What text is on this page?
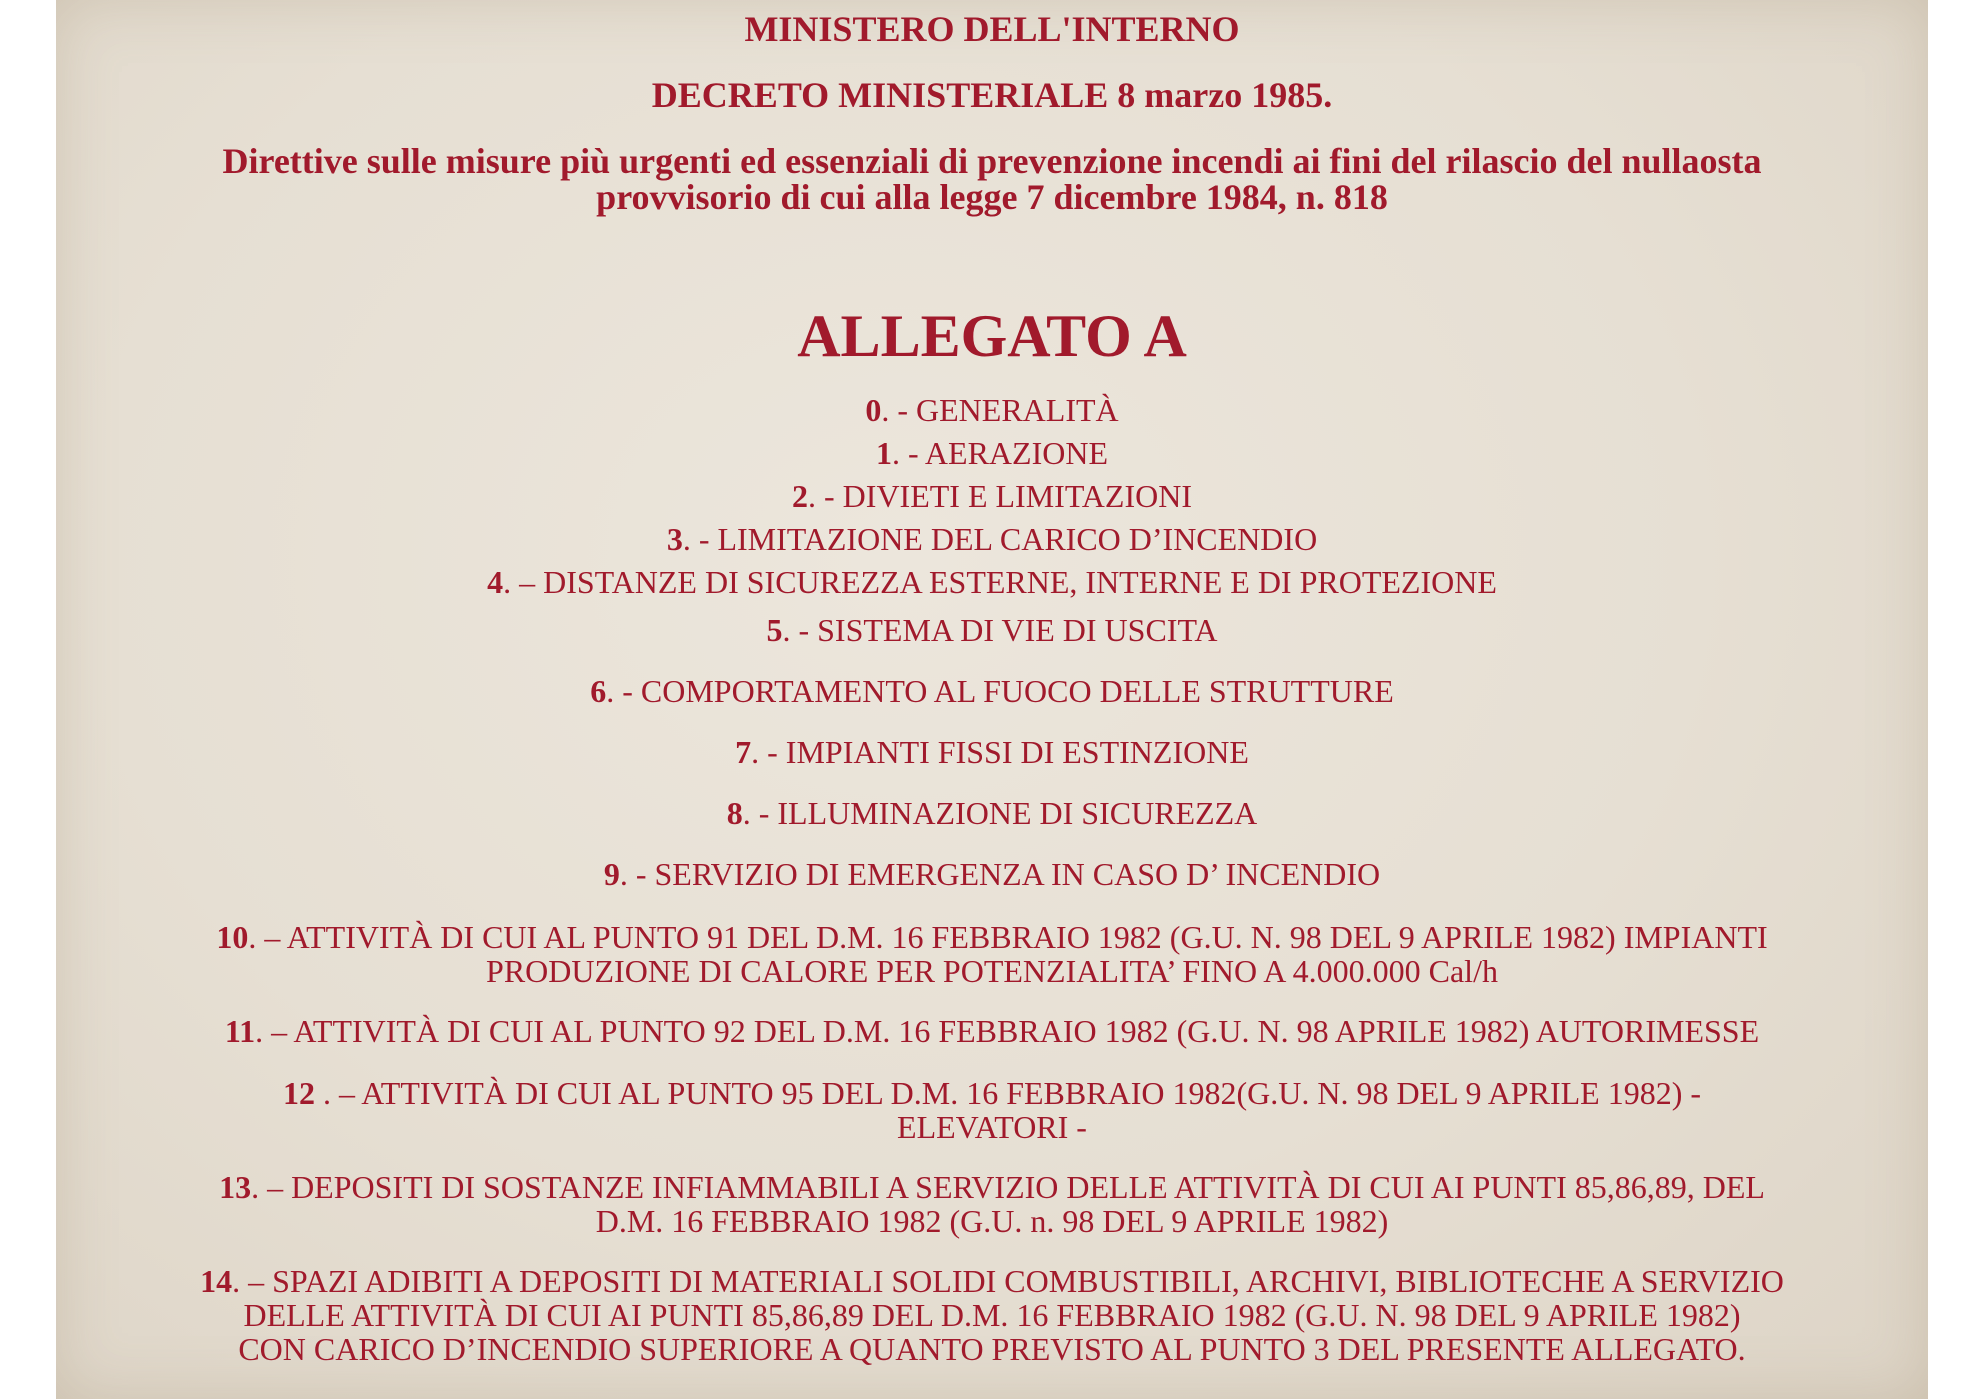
MINISTERO DELL'INTERNO
DECRETO MINISTERIALE 8 marzo 1985.
Direttive sulle misure più urgenti ed essenziali di prevenzione incendi ai fini del rilascio del nullaosta
provvisorio di cui alla legge 7 dicembre 1984, n. 818
ALLEGATO A
0. - GENERALITÀ
1. - AERAZIONE
2. - DIVIETI E LIMITAZIONI
3. - LIMITAZIONE DEL CARICO D’INCENDIO
4. – DISTANZE DI SICUREZZA ESTERNE, INTERNE E DI PROTEZIONE
5. - SISTEMA DI VIE DI USCITA
6. - COMPORTAMENTO AL FUOCO DELLE STRUTTURE
7. - IMPIANTI FISSI DI ESTINZIONE
8. - ILLUMINAZIONE DI SICUREZZA
9. - SERVIZIO DI EMERGENZA IN CASO D’ INCENDIO
10. – ATTIVITÀ DI CUI AL PUNTO 91 DEL D.M. 16 FEBBRAIO 1982 (G.U. N. 98 DEL 9 APRILE 1982) IMPIANTI
PRODUZIONE DI CALORE PER POTENZIALITA’ FINO A 4.000.000 Cal/h
11. – ATTIVITÀ DI CUI AL PUNTO 92 DEL D.M. 16 FEBBRAIO 1982 (G.U. N. 98 APRILE 1982) AUTORIMESSE
12 . – ATTIVITÀ DI CUI AL PUNTO 95 DEL D.M. 16 FEBBRAIO 1982(G.U. N. 98 DEL 9 APRILE 1982) -
ELEVATORI -
13. – DEPOSITI DI SOSTANZE INFIAMMABILI A SERVIZIO DELLE ATTIVITÀ DI CUI AI PUNTI 85,86,89, DEL
D.M. 16 FEBBRAIO 1982 (G.U. n. 98 DEL 9 APRILE 1982)
14. – SPAZI ADIBITI A DEPOSITI DI MATERIALI SOLIDI COMBUSTIBILI, ARCHIVI, BIBLIOTECHE A SERVIZIO
DELLE ATTIVITÀ DI CUI AI PUNTI 85,86,89 DEL D.M. 16 FEBBRAIO 1982 (G.U. N. 98 DEL 9 APRILE 1982)
CON CARICO D’INCENDIO SUPERIORE A QUANTO PREVISTO AL PUNTO 3 DEL PRESENTE ALLEGATO.
